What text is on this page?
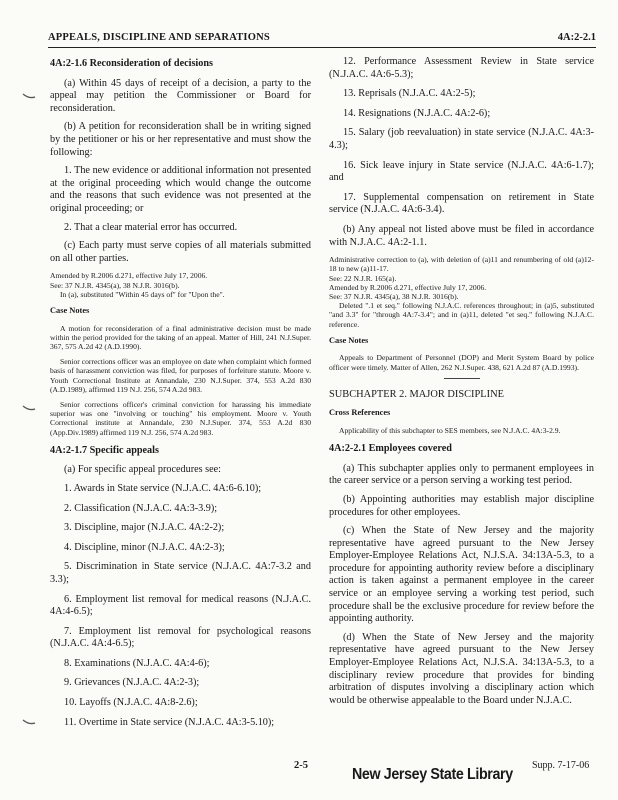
APPEALS, DISCIPLINE AND SEPARATIONS	4A:2-2.1

4A:2-1.6 Reconsideration of decisions

(a) Within 45 days of receipt of a decision, a party to the appeal may petition the Commissioner or Board for reconsideration.

(b) A petition for reconsideration shall be in writing signed by the petitioner or his or her representative and must show the following:

1. The new evidence or additional information not presented at the original proceeding which would change the outcome and the reasons that such evidence was not presented at the original proceeding; or

2. That a clear material error has occurred.

(c) Each party must serve copies of all materials submitted on all other parties.

Amended by R.2006 d.271, effective July 17, 2006.

See: 37 N.J.R. 4345(a), 38 N.J.R. 3016(b).

In (a), substituted "Within 45 days of" for "Upon the".

Case Notes

A motion for reconsideration of a final administrative decision must be made within the period provided for the taking of an appeal. Matter of Hill, 241 N.J.Super. 367, 575 A.2d 42 (A.D.1990).

Senior corrections officer was an employee on date when complaint which formed basis of harassment conviction was filed, for purposes of forfeiture statute. Moore v. Youth Correctional Institute at Annandale, 230 N.J.Super. 374, 553 A.2d 830 (A.D.1989), affirmed 119 N.J. 256, 574 A.2d 983.

Senior corrections officer's criminal conviction for harassing his immediate superior was one "involving or touching" his employment. Moore v. Youth Correctional institute at Annandale, 230 N.J.Super. 374, 553 A.2d 830 (App.Div.1989) affirmed 119 N.J. 256, 574 A.2d 983.

4A:2-1.7 Specific appeals

(a) For specific appeal procedures see:

1. Awards in State service (N.J.A.C. 4A:6-6.10);

2. Classification (N.J.A.C. 4A:3-3.9);

3. Discipline, major (N.J.A.C. 4A:2-2);

4. Discipline, minor (N.J.A.C. 4A:2-3);

5. Discrimination in State service (N.J.A.C. 4A:7-3.2 and 3.3);

6. Employment list removal for medical reasons (N.J.A.C. 4A:4-6.5);

7. Employment list removal for psychological reasons (N.J.A.C. 4A:4-6.5);

8. Examinations (N.J.A.C. 4A:4-6);

9. Grievances (N.J.A.C. 4A:2-3);

10. Layoffs (N.J.A.C. 4A:8-2.6);

11. Overtime in State service (N.J.A.C. 4A:3-5.10);

12. Performance Assessment Review in State service (N.J.A.C. 4A:6-5.3);

13. Reprisals (N.J.A.C. 4A:2-5);

14. Resignations (N.J.A.C. 4A:2-6);

15. Salary (job reevaluation) in state service (N.J.A.C. 4A:3-4.3);

16. Sick leave injury in State service (N.J.A.C. 4A:6-1.7); and

17. Supplemental compensation on retirement in State service (N.J.A.C. 4A:6-3.4).

(b) Any appeal not listed above must be filed in accordance with N.J.A.C. 4A:2-1.1.

Administrative correction to (a), with deletion of (a)11 and renumbering of old (a)12-18 to new (a)11-17.

See: 22 N.J.R. 165(a).

Amended by R.2006 d.271, effective July 17, 2006.

See: 37 N.J.R. 4345(a), 38 N.J.R. 3016(b).

Deleted ".1 et seq." following N.J.A.C. references throughout; in (a)5, substituted "and 3.3" for "through 4A:7-3.4"; and in (a)11, deleted "et seq." following N.J.A.C. reference.

Case Notes

Appeals to Department of Personnel (DOP) and Merit System Board by police officer were timely. Matter of Allen, 262 N.J.Super. 438, 621 A.2d 87 (A.D.1993).

SUBCHAPTER 2. MAJOR DISCIPLINE

Cross References

Applicability of this subchapter to SES members, see N.J.A.C. 4A:3-2.9.

4A:2-2.1 Employees covered

(a) This subchapter applies only to permanent employees in the career service or a person serving a working test period.

(b) Appointing authorities may establish major discipline procedures for other employees.

(c) When the State of New Jersey and the majority representative have agreed pursuant to the New Jersey Employer-Employee Relations Act, N.J.S.A. 34:13A-5.3, to a procedure for appointing authority review before a disciplinary action is taken against a permanent employee in the career service or an employee serving a working test period, such procedure shall be the exclusive procedure for review before the appointing authority.

(d) When the State of New Jersey and the majority representative have agreed pursuant to the New Jersey Employer-Employee Relations Act, N.J.S.A. 34:13A-5.3, to a disciplinary review procedure that provides for binding arbitration of disputes involving a disciplinary action which would be otherwise appealable to the Board under N.J.A.C.

2-5
New Jersey State Library
Supp. 7-17-06
